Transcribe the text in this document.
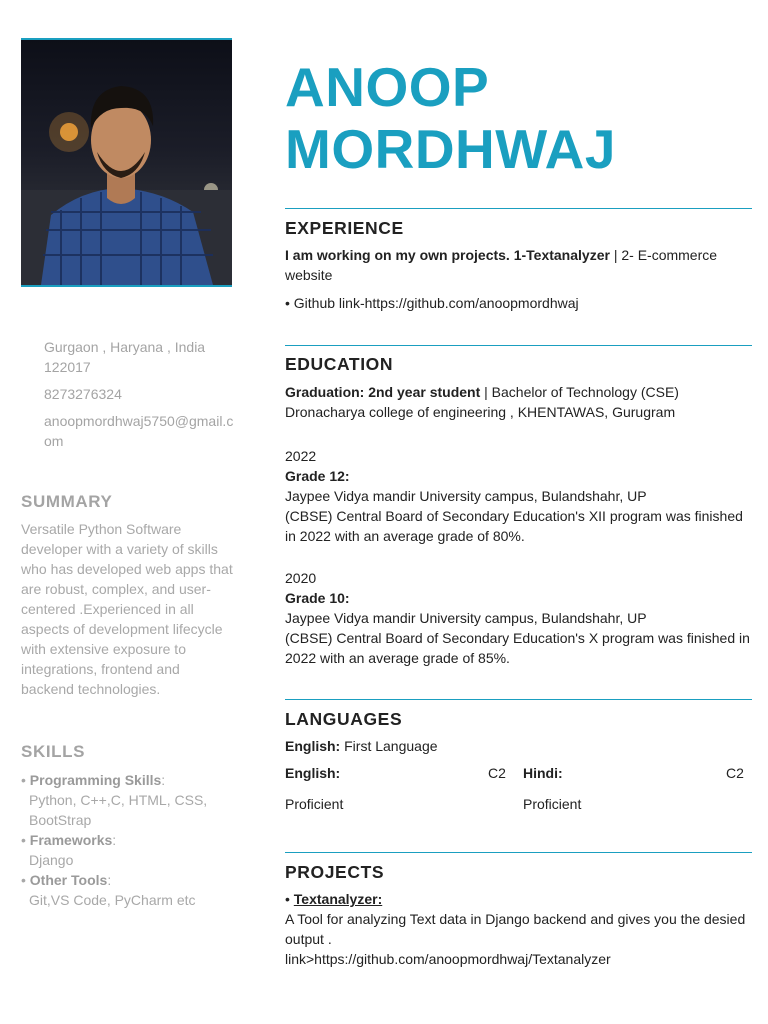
Gurgaon , Haryana , India
122017
8273276324
anoopmordhwaj5750@gmail.com
SUMMARY
Versatile Python Software developer with a variety of skills who has developed web apps that are robust, complex, and user-centered .Experienced in all aspects of development lifecycle with extensive exposure to integrations, frontend and backend technologies.
SKILLS
• Programming Skills:
Python, C++,C, HTML, CSS, BootStrap
• Frameworks:
Django
• Other Tools:
Git,VS Code, PyCharm etc
ANOOP
MORDHWAJ
EXPERIENCE
I am working on my own projects. 1-Textanalyzer | 2- E-commerce website
• Github link-https://github.com/anoopmordhwaj
EDUCATION
Graduation: 2nd year student | Bachelor of Technology (CSE)
Dronacharya college of engineering , KHENTAWAS, Gurugram
2022
Grade 12:
Jaypee Vidya mandir University campus, Bulandshahr, UP
(CBSE) Central Board of Secondary Education's XII program was finished in 2022 with an average grade of 80%.
2020
Grade 10:
Jaypee Vidya mandir University campus, Bulandshahr, UP
(CBSE) Central Board of Secondary Education's X program was finished in 2022 with an average grade of 85%.
LANGUAGES
English: First Language
English:	C2
Proficient
Hindi:	C2
Proficient
PROJECTS
• Textanalyzer:
A Tool for analyzing Text data in Django backend and gives you the desied output .
link>https://github.com/anoopmordhwaj/Textanalyzer
